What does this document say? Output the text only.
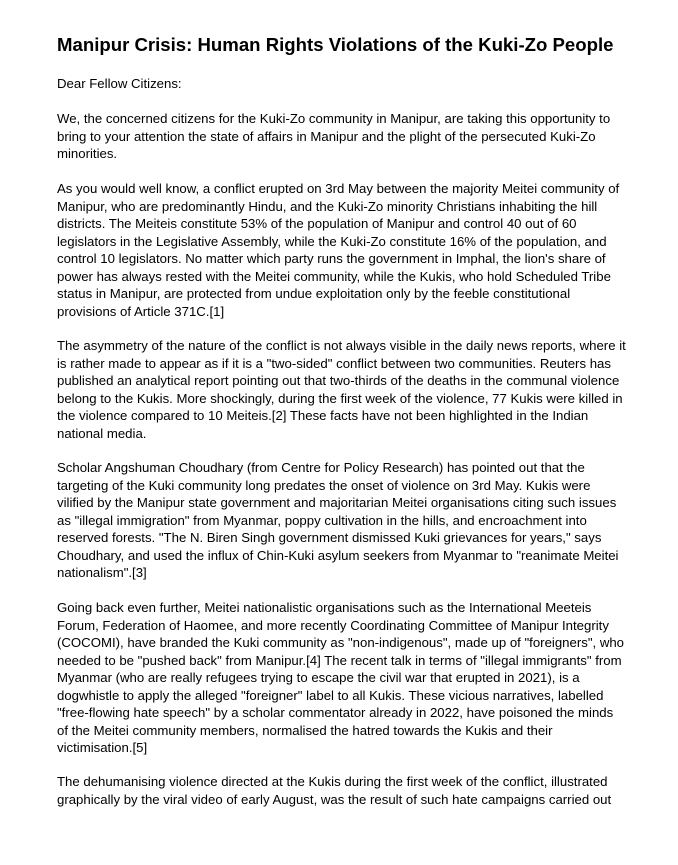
Manipur Crisis: Human Rights Violations of the Kuki-Zo People

Dear Fellow Citizens:

We, the concerned citizens for the Kuki-Zo community in Manipur, are taking this opportunity to bring to your attention the state of affairs in Manipur and the plight of the persecuted Kuki-Zo minorities.

As you would well know, a conflict erupted on 3rd May between the majority Meitei community of Manipur, who are predominantly Hindu, and the Kuki-Zo minority Christians inhabiting the hill districts. The Meiteis constitute 53% of the population of Manipur and control 40 out of 60 legislators in the Legislative Assembly, while the Kuki-Zo constitute 16% of the population, and control 10 legislators. No matter which party runs the government in Imphal, the lion's share of power has always rested with the Meitei community, while the Kukis, who hold Scheduled Tribe status in Manipur, are protected from undue exploitation only by the feeble constitutional provisions of Article 371C.[1]

The asymmetry of the nature of the conflict is not always visible in the daily news reports, where it is rather made to appear as if it is a "two-sided" conflict between two communities. Reuters has published an analytical report pointing out that two-thirds of the deaths in the communal violence belong to the Kukis. More shockingly, during the first week of the violence, 77 Kukis were killed in the violence compared to 10 Meiteis.[2] These facts have not been highlighted in the Indian national media.

Scholar Angshuman Choudhary (from Centre for Policy Research) has pointed out that the targeting of the Kuki community long predates the onset of violence on 3rd May. Kukis were vilified by the Manipur state government and majoritarian Meitei organisations citing such issues as "illegal immigration" from Myanmar, poppy cultivation in the hills, and encroachment into reserved forests. "The N. Biren Singh government dismissed Kuki grievances for years," says Choudhary, and used the influx of Chin-Kuki asylum seekers from Myanmar to "reanimate Meitei nationalism".[3]

Going back even further, Meitei nationalistic organisations such as the International Meeteis Forum, Federation of Haomee, and more recently Coordinating Committee of Manipur Integrity (COCOMI), have branded the Kuki community as "non-indigenous", made up of "foreigners", who needed to be "pushed back" from Manipur.[4] The recent talk in terms of "illegal immigrants" from Myanmar (who are really refugees trying to escape the civil war that erupted in 2021), is a dogwhistle to apply the alleged "foreigner" label to all Kukis. These vicious narratives, labelled "free-flowing hate speech" by a scholar commentator already in 2022, have poisoned the minds of the Meitei community members, normalised the hatred towards the Kukis and their victimisation.[5]

The dehumanising violence directed at the Kukis during the first week of the conflict, illustrated graphically by the viral video of early August, was the result of such hate campaigns carried out
